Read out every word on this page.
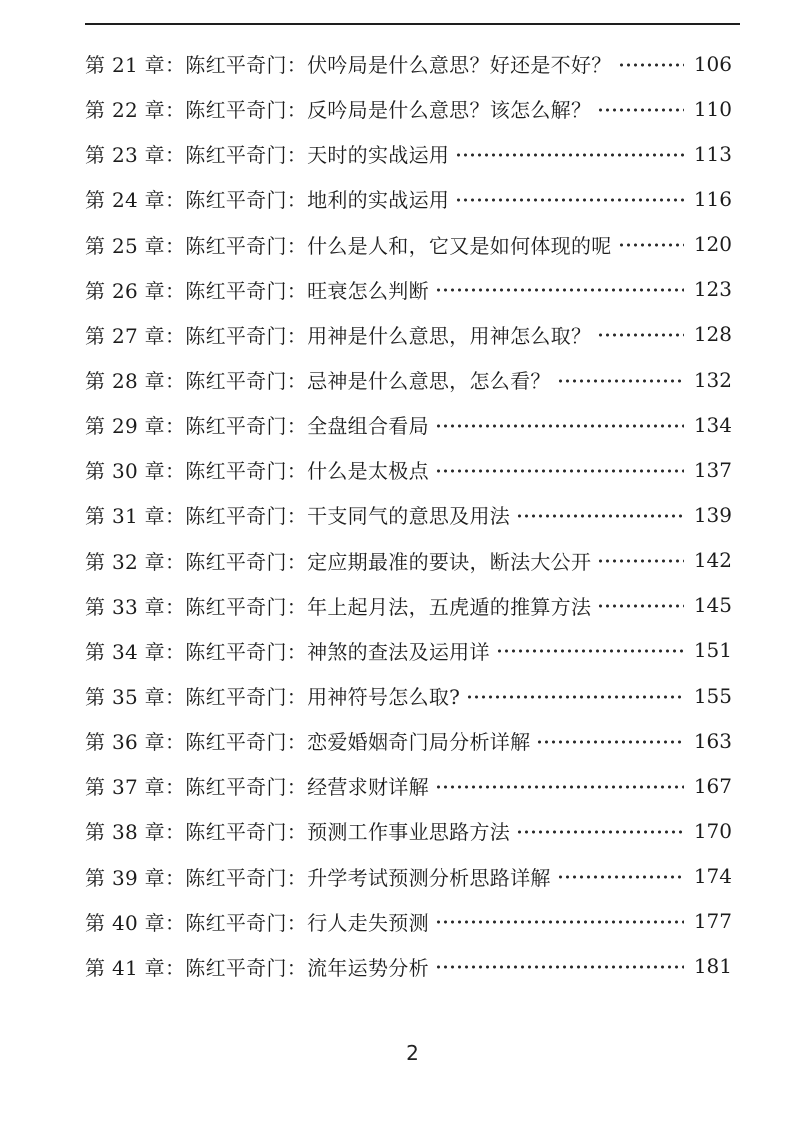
第 21 章：陈红平奇门：伏吟局是什么意思？好还是不好？	106
第 22 章：陈红平奇门：反吟局是什么意思？该怎么解？	110
第 23 章：陈红平奇门：天时的实战运用	113
第 24 章：陈红平奇门：地利的实战运用	116
第 25 章：陈红平奇门：什么是人和，它又是如何体现的呢	120
第 26 章：陈红平奇门：旺衰怎么判断	123
第 27 章：陈红平奇门：用神是什么意思，用神怎么取？	128
第 28 章：陈红平奇门：忌神是什么意思，怎么看？	132
第 29 章：陈红平奇门：全盘组合看局	134
第 30 章：陈红平奇门：什么是太极点	137
第 31 章：陈红平奇门：干支同气的意思及用法	139
第 32 章：陈红平奇门：定应期最准的要诀，断法大公开	142
第 33 章：陈红平奇门：年上起月法，五虎遁的推算方法	145
第 34 章：陈红平奇门：神煞的查法及运用详	151
第 35 章：陈红平奇门：用神符号怎么取?	155
第 36 章：陈红平奇门：恋爱婚姻奇门局分析详解	163
第 37 章：陈红平奇门：经营求财详解	167
第 38 章：陈红平奇门：预测工作事业思路方法	170
第 39 章：陈红平奇门：升学考试预测分析思路详解	174
第 40 章：陈红平奇门：行人走失预测	177
第 41 章：陈红平奇门：流年运势分析	181
2
